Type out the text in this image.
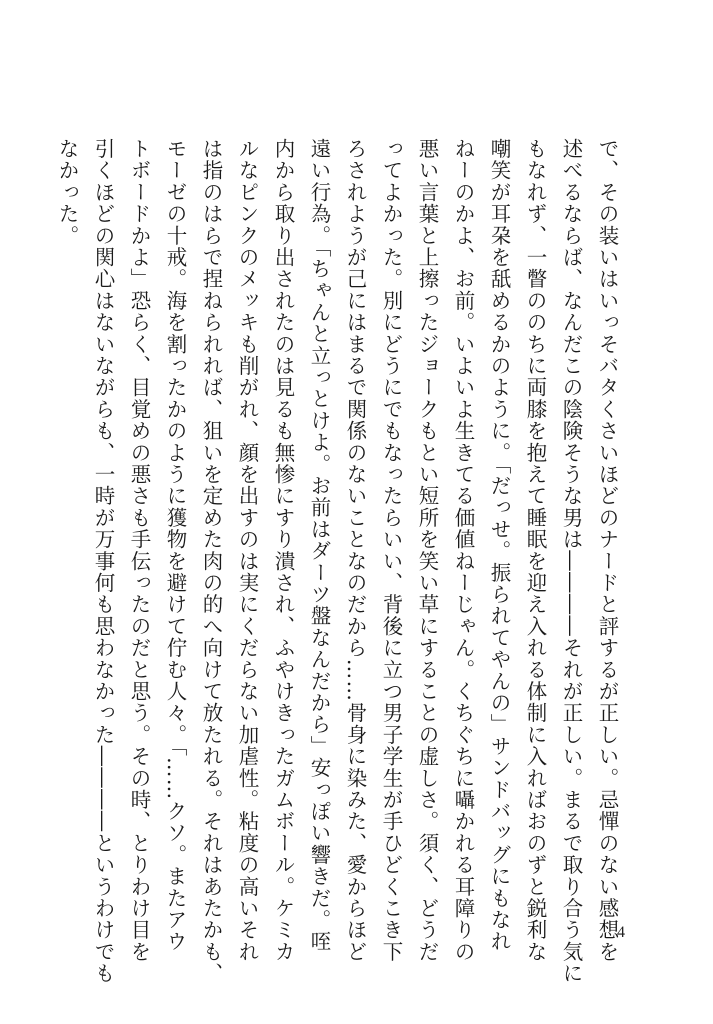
で、その装いはいっそバタくさいほどのナードと評するが正しい。忌憚のない感想を
述べるならば、なんだこの陰険そうな男は――――それが正しい。まるで取り合う気に
もなれず、一瞥ののちに両膝を抱えて睡眠を迎え入れる体制に入ればおのずと鋭利な
嘲笑が耳朶を舐めるかのように。「だっせ。振られてやんの」サンドバッグにもなれ
ねーのかよ、お前。いよいよ生きてる価値ねーじゃん。くちぐちに囁かれる耳障りの
悪い言葉と上擦ったジョークもとい短所を笑い草にすることの虚しさ。須く、どうだ
ってよかった。別にどうにでもなったらいい、背後に立つ男子学生が手ひどくこき下
ろされようが己にはまるで関係のないことなのだから……骨身に染みた、愛からほど
遠い行為。「ちゃんと立っとけよ。お前はダーツ盤なんだから」安っぽい響きだ。咥
内から取り出されたのは見るも無惨にすり潰され、ふやけきったガムボール。ケミカ
ルなピンクのメッキも削がれ、顔を出すのは実にくだらない加虐性。粘度の高いそれ
は指のはらで捏ねられれば、狙いを定めた肉の的へ向けて放たれる。それはあたかも、
モーゼの十戒。海を割ったかのように獲物を避けて佇む人々。「……クソ。またアウ
トボードかよ」恐らく、目覚めの悪さも手伝ったのだと思う。その時、とりわけ目を
引くほどの関心はないながらも、一時が万事何も思わなかった――――というわけでも
なかった。
4
